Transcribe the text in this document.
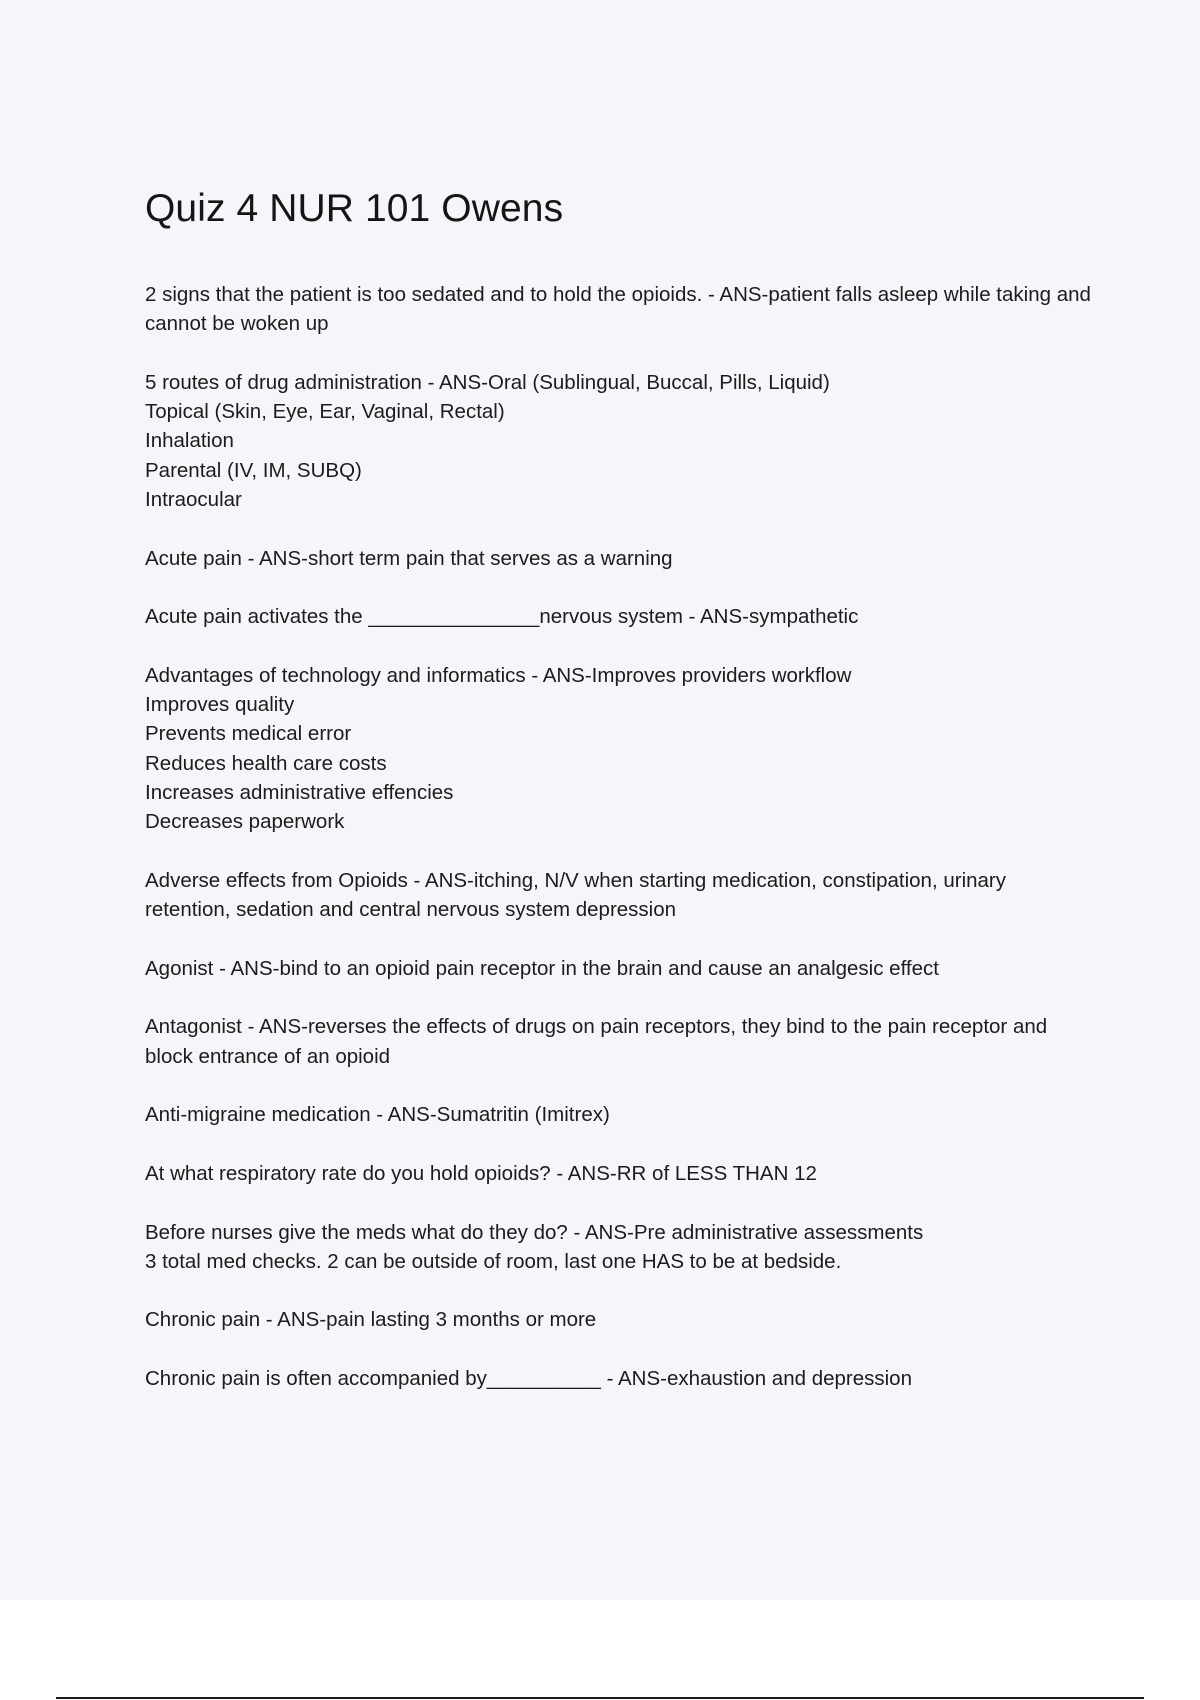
Quiz 4 NUR 101 Owens
2 signs that the patient is too sedated and to hold the opioids. - ANS-patient falls asleep while taking and cannot be woken up
5 routes of drug administration - ANS-Oral (Sublingual, Buccal, Pills, Liquid)
Topical (Skin, Eye, Ear, Vaginal, Rectal)
Inhalation
Parental (IV, IM, SUBQ)
Intraocular
Acute pain - ANS-short term pain that serves as a warning
Acute pain activates the _______________nervous system - ANS-sympathetic
Advantages of technology and informatics - ANS-Improves providers workflow
Improves quality
Prevents medical error
Reduces health care costs
Increases administrative effencies
Decreases paperwork
Adverse effects from Opioids - ANS-itching, N/V when starting medication, constipation, urinary retention, sedation and central nervous system depression
Agonist - ANS-bind to an opioid pain receptor in the brain and cause an analgesic effect
Antagonist - ANS-reverses the effects of drugs on pain receptors, they bind to the pain receptor and block entrance of an opioid
Anti-migraine medication - ANS-Sumatritin (Imitrex)
At what respiratory rate do you hold opioids? - ANS-RR of LESS THAN 12
Before nurses give the meds what do they do? - ANS-Pre administrative assessments
3 total med checks. 2 can be outside of room, last one HAS to be at bedside.
Chronic pain - ANS-pain lasting 3 months or more
Chronic pain is often accompanied by__________ - ANS-exhaustion and depression
